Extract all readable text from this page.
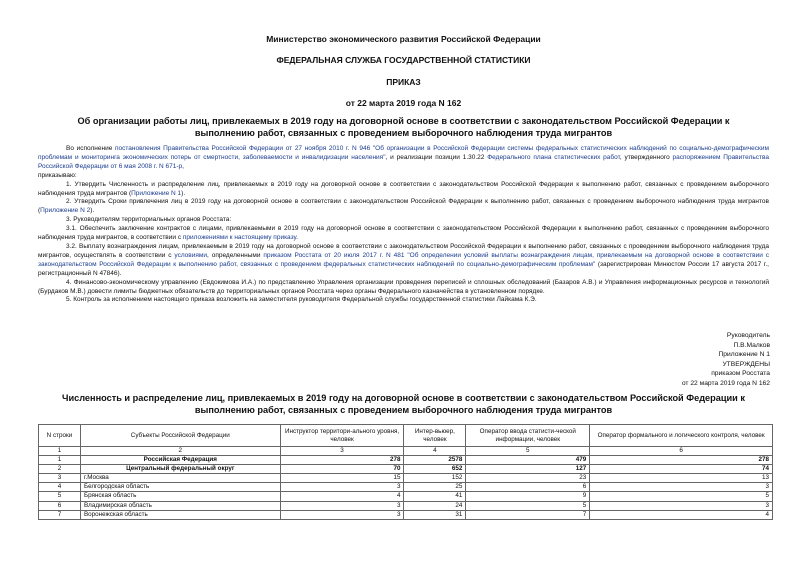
Министерство экономического развития Российской Федерации
ФЕДЕРАЛЬНАЯ СЛУЖБА ГОСУДАРСТВЕННОЙ СТАТИСТИКИ
ПРИКАЗ
от 22 марта 2019 года N 162
Об организации работы лиц, привлекаемых в 2019 году на договорной основе в соответствии с законодательством Российской Федерации к выполнению работ, связанных с проведением выборочного наблюдения труда мигрантов

Во исполнение постановления Правительства Российской Федерации от 27 ноября 2010 г. N 946 "Об организации в Российской Федерации системы федеральных статистических наблюдений по социально-демографическим проблемам и мониторинга экономических потерь от смертности, заболеваемости и инвалидизации населения", и реализации позиции 1.30.22 Федерального плана статистических работ, утвержденного распоряжением Правительства Российской Федерации от 6 мая 2008 г. N 671-р,

приказываю:

1. Утвердить Численность и распределение лиц, привлекаемых в 2019 году на договорной основе в соответствии с законодательством Российской Федерации к выполнению работ, связанных с проведением выборочного наблюдения труда мигрантов (Приложение N 1).

2. Утвердить Сроки привлечения лиц в 2019 году на договорной основе в соответствии с законодательством Российской Федерации к выполнению работ, связанных с проведением выборочного наблюдения труда мигрантов (Приложение N 2).

3. Руководителям территориальных органов Росстата:

3.1. Обеспечить заключение контрактов с лицами, привлекаемыми в 2019 году на договорной основе в соответствии с законодательством Российской Федерации к выполнению работ, связанных с проведением выборочного наблюдения труда мигрантов, в соответствии с приложениями к настоящему приказу.

3.2. Выплату вознаграждения лицам, привлекаемым в 2019 году на договорной основе в соответствии с законодательством Российской Федерации к выполнению работ, связанных с проведением выборочного наблюдения труда мигрантов, осуществлять в соответствии с условиями, определенными приказом Росстата от 20 июля 2017 г. N 481 "Об определении условий выплаты вознаграждения лицам, привлекаемым на договорной основе в соответствии с законодательством Российской Федерации к выполнению работ, связанных с проведением федеральных статистических наблюдений по социально-демографическим проблемам" (зарегистрирован Минюстом России 17 августа 2017 г., регистрационный N 47846).

4. Финансово-экономическому управлению (Евдокимова И.А.) по представлению Управления организации проведения переписей и сплошных обследований (Базаров А.В.) и Управления информационных ресурсов и технологий (Бурдаков М.В.) довести лимиты бюджетных обязательств до территориальных органов Росстата через органы Федерального казначейства в установленном порядке.

5. Контроль за исполнением настоящего приказа возложить на заместителя руководителя Федеральной службы государственной статистики Лайкама К.Э.

Руководитель
П.В.Малков
Приложение N 1
УТВЕРЖДЕНЫ
приказом Росстата
от 22 марта 2019 года N 162
Численность и распределение лиц, привлекаемых в 2019 году на договорной основе в соответствии с законодательством Российской Федерации к выполнению работ, связанных с проведением выборочного наблюдения труда мигрантов
N строки	Субъекты Российской Федерации	Инструктор территори-ального уровня, человек	Интер-вьюер, человек	Оператор ввода статисти-ческой информации, человек	Оператор формального и логического контроля, человек
1	2	3	4	5	6
1	Российская Федерация	278	2578	479	278
2	Центральный федеральный округ	70	652	127	74
3	г.Москва	15	152	23	13
4	Белгородская область	3	25	6	3
5	Брянская область	4	41	9	5
6	Владимирская область	3	24	5	3
7	Воронежская область	3	31	7	4
